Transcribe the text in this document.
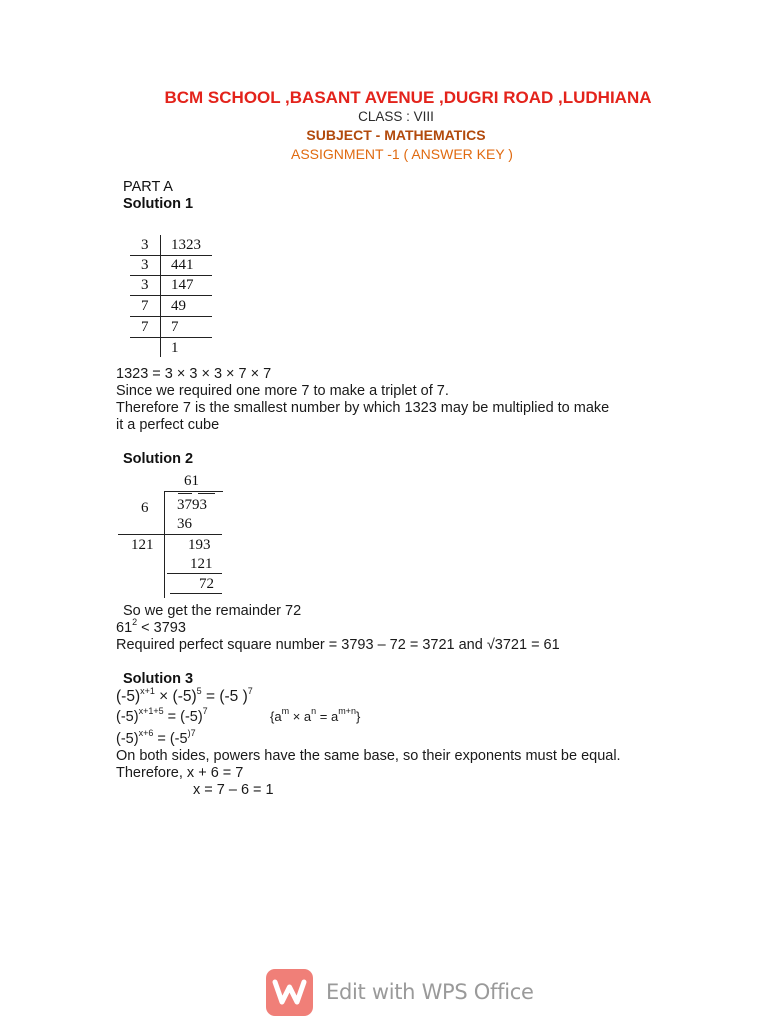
BCM SCHOOL ,BASANT AVENUE ,DUGRI ROAD ,LUDHIANA
CLASS : VIII
SUBJECT - MATHEMATICS
ASSIGNMENT -1 ( ANSWER KEY )
PART A
Solution 1
3 1323
3 441
3 147
7 49
7 7
1
1323 = 3 × 3 × 3 × 7 × 7
Since we required one more 7 to make a triplet of 7.
Therefore 7 is the smallest number by which 1323 may be multiplied to make
it a perfect cube
Solution 2
61
6 3793
36
121 193
121
72
So we get the remainder 72
$61^2 < 3793$
Required perfect square number = 3793 – 72 = 3721 and √3721 = 61
Solution 3
$(-5)^{x+1} \times (-5)^5 = (-5$ )$^7$
$(-5)^{x+1+5} = (-5)^7$	$\{a^m \times a^n = a^{m+n}\}$
$(-5)^{x+6} = (-5^{)7}$
On both sides, powers have the same base, so their exponents must be equal.
Therefore, x + 6 = 7
x = 7 – 6 = 1
Edit with WPS Office
